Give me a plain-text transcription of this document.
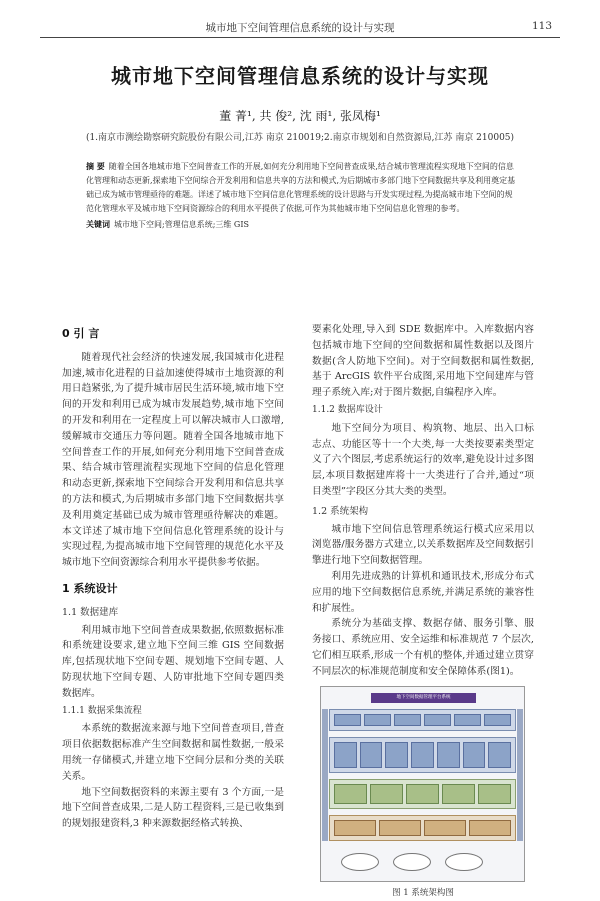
城市地下空间管理信息系统的设计与实现	113
城市地下空间管理信息系统的设计与实现
董 菁¹, 共 俊², 沈 雨¹, 张凤梅¹
(1.南京市测绘勘察研究院股份有限公司,江苏 南京 210019;2.南京市规划和自然资源局,江苏 南京 210005)
摘 要 随着全国各地城市地下空间普查工作的开展,如何充分利用地下空间普查成果,结合城市管理流程实现地下空间的信息化管理和动态更新,探索地下空间综合开发利用和信息共享的方法和模式,为后期城市多部门地下空间数据共享及利用奠定基础已成为城市管理亟待的难题。详述了城市地下空间信息化管理系统的设计思路与开发实现过程,为提高城市地下空间的规范化管理水平及城市地下空间资源综合的利用水平提供了依据,可作为其他城市地下空间信息化管理的参考。
关键词 城市地下空间;管理信息系统;三维 GIS
0 引 言

随着现代社会经济的快速发展,我国城市化进程加速,城市化进程的日益加速使得城市土地资源的利用日趋紧张,为了提升城市居民生活环境,城市地下空间的开发和利用已成为城市发展趋势,城市地下空间的开发和利用在一定程度上可以解决城市人口激增,缓解城市交通压力等问题。随着全国各地城市地下空间普查工作的开展,如何充分利用地下空间普查成果、结合城市管理流程实现地下空间的信息化管理和动态更新,探索地下空间综合开发利用和信息共享的方法和模式,为后期城市多部门地下空间数据共享及利用奠定基础已成为城市管理亟待解决的难题。本文详述了城市地下空间信息化管理系统的设计与实现过程,为提高城市地下空间管理的规范化水平及城市地下空间资源综合利用水平提供参考依据。

1 系统设计
1.1 数据建库

利用城市地下空间普查成果数据,依照数据标准和系统建设要求,建立地下空间三维 GIS 空间数据库,包括现状地下空间专题、规划地下空间专题、人防现状地下空间专题、人防审批地下空间专题四类数据库。

1.1.1 数据采集流程

本系统的数据流来源与地下空间普查项目,普查项目依据数据标准产生空间数据和属性数据,一般采用统一存储模式,并建立地下空间分层和分类的关联关系。

地下空间数据资料的来源主要有 3 个方面,一是地下空间普查成果,二是人防工程资料,三是已收集到的规划报建资料,3 种来源数据经格式转换、

要素化处理,导入到 SDE 数据库中。入库数据内容包括城市地下空间的空间数据和属性数据以及图片数据(含人防地下空间)。对于空间数据和属性数据,基于 ArcGIS 软件平台成图,采用地下空间建库与管理子系统入库;对于图片数据,自编程序入库。

1.1.2 数据库设计

地下空间分为项目、构筑物、地层、出入口标志点、功能区等十一个大类,每一大类按要素类型定义了六个图层,考虑系统运行的效率,避免设计过多图层,本项目数据建库将十一大类进行了合并,通过“项目类型”字段区分其大类的类型。

1.2 系统架构

城市地下空间信息管理系统运行模式应采用以浏览器/服务器方式建立,以关系数据库及空间数据引擎进行地下空间数据管理。

利用先进成熟的计算机和通讯技术,形成分布式应用的地下空间数据信息系统,并满足系统的兼容性和扩展性。

系统分为基础支撑、数据存储、服务引擎、服务接口、系统应用、安全运维和标准规范 7 个层次,它们相互联系,形成一个有机的整体,并通过建立贯穿不同层次的标准规范制度和安全保障体系(图1)。

地下空间数据管理平台系统
图 1 系统架构图
